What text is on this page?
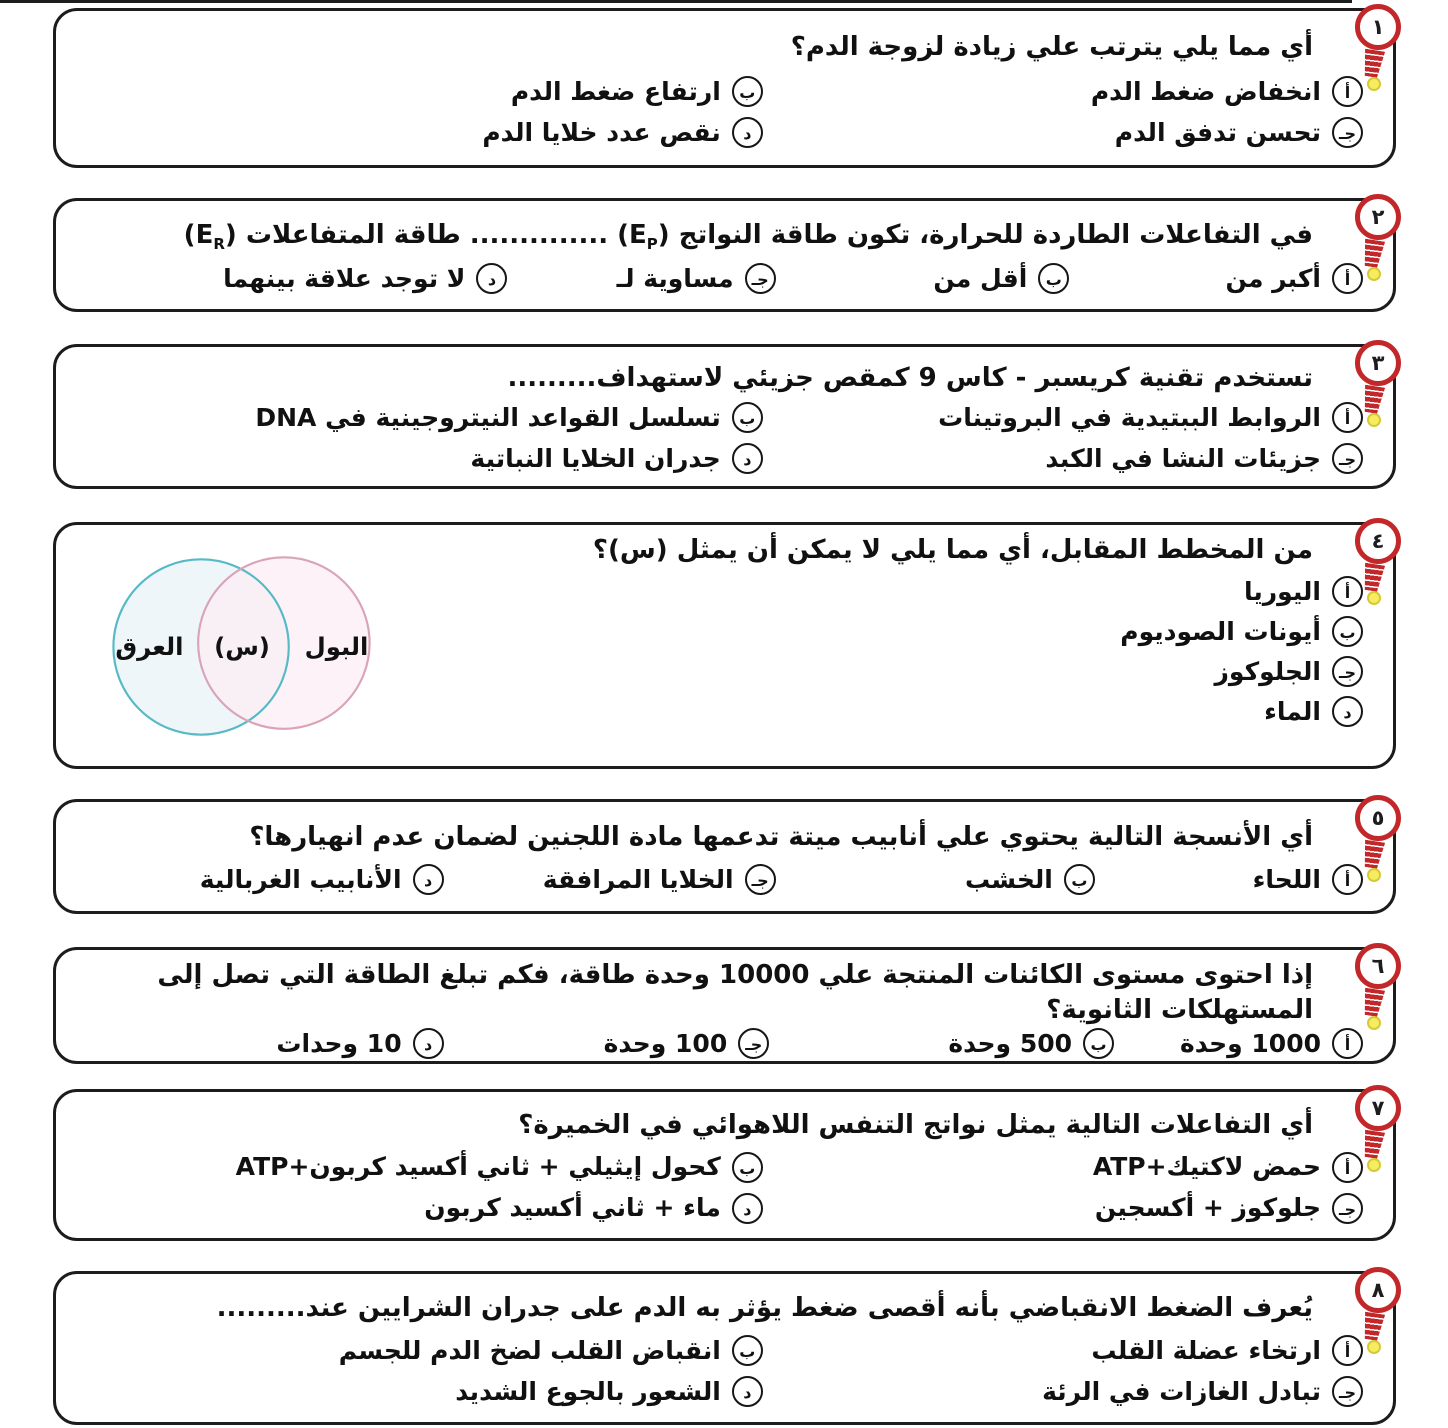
١
أي مما يلي يترتب علي زيادة لزوجة الدم؟
أ
انخفاض ضغط الدم
ب
ارتفاع ضغط الدم
جـ
تحسن تدفق الدم
د
نقص عدد خلايا الدم
٢
في التفاعلات الطاردة للحرارة، تكون طاقة النواتج $(E_P)$ .............. طاقة المتفاعلات $(E_R)$
أ
أكبر من
ب
أقل من
جـ
مساوية لـ
د
لا توجد علاقة بينهما
٣
تستخدم تقنية كريسبر - كاس 9 كمقص جزيئي لاستهداف.........
أ
الروابط الببتيدية في البروتينات
ب
تسلسل القواعد النيتروجينية في DNA
جـ
جزيئات النشا في الكبد
د
جدران الخلايا النباتية
٤
من المخطط المقابل، أي مما يلي لا يمكن أن يمثل (س)؟
أ
اليوريا
ب
أيونات الصوديوم
جـ
الجلوكوز
د
الماء
البول
(س)
العرق
٥
أي الأنسجة التالية يحتوي علي أنابيب ميتة تدعمها مادة اللجنين لضمان عدم انهيارها؟
أ
اللحاء
ب
الخشب
جـ
الخلايا المرافقة
د
الأنابيب الغربالية
٦
إذا احتوى مستوى الكائنات المنتجة علي 10000 وحدة طاقة، فكم تبلغ الطاقة التي تصل إلى المستهلكات الثانوية؟
أ
1000 وحدة
ب
500 وحدة
جـ
100 وحدة
د
10 وحدات
٧
أي التفاعلات التالية يمثل نواتج التنفس اللاهوائي في الخميرة؟
أ
حمض لاكتيك+ATP
ب
كحول إيثيلي + ثاني أكسيد كربون+ATP
جـ
جلوكوز + أكسجين
د
ماء + ثاني أكسيد كربون
٨
يُعرف الضغط الانقباضي بأنه أقصى ضغط يؤثر به الدم على جدران الشرايين عند.........
أ
ارتخاء عضلة القلب
ب
انقباض القلب لضخ الدم للجسم
جـ
تبادل الغازات في الرئة
د
الشعور بالجوع الشديد
